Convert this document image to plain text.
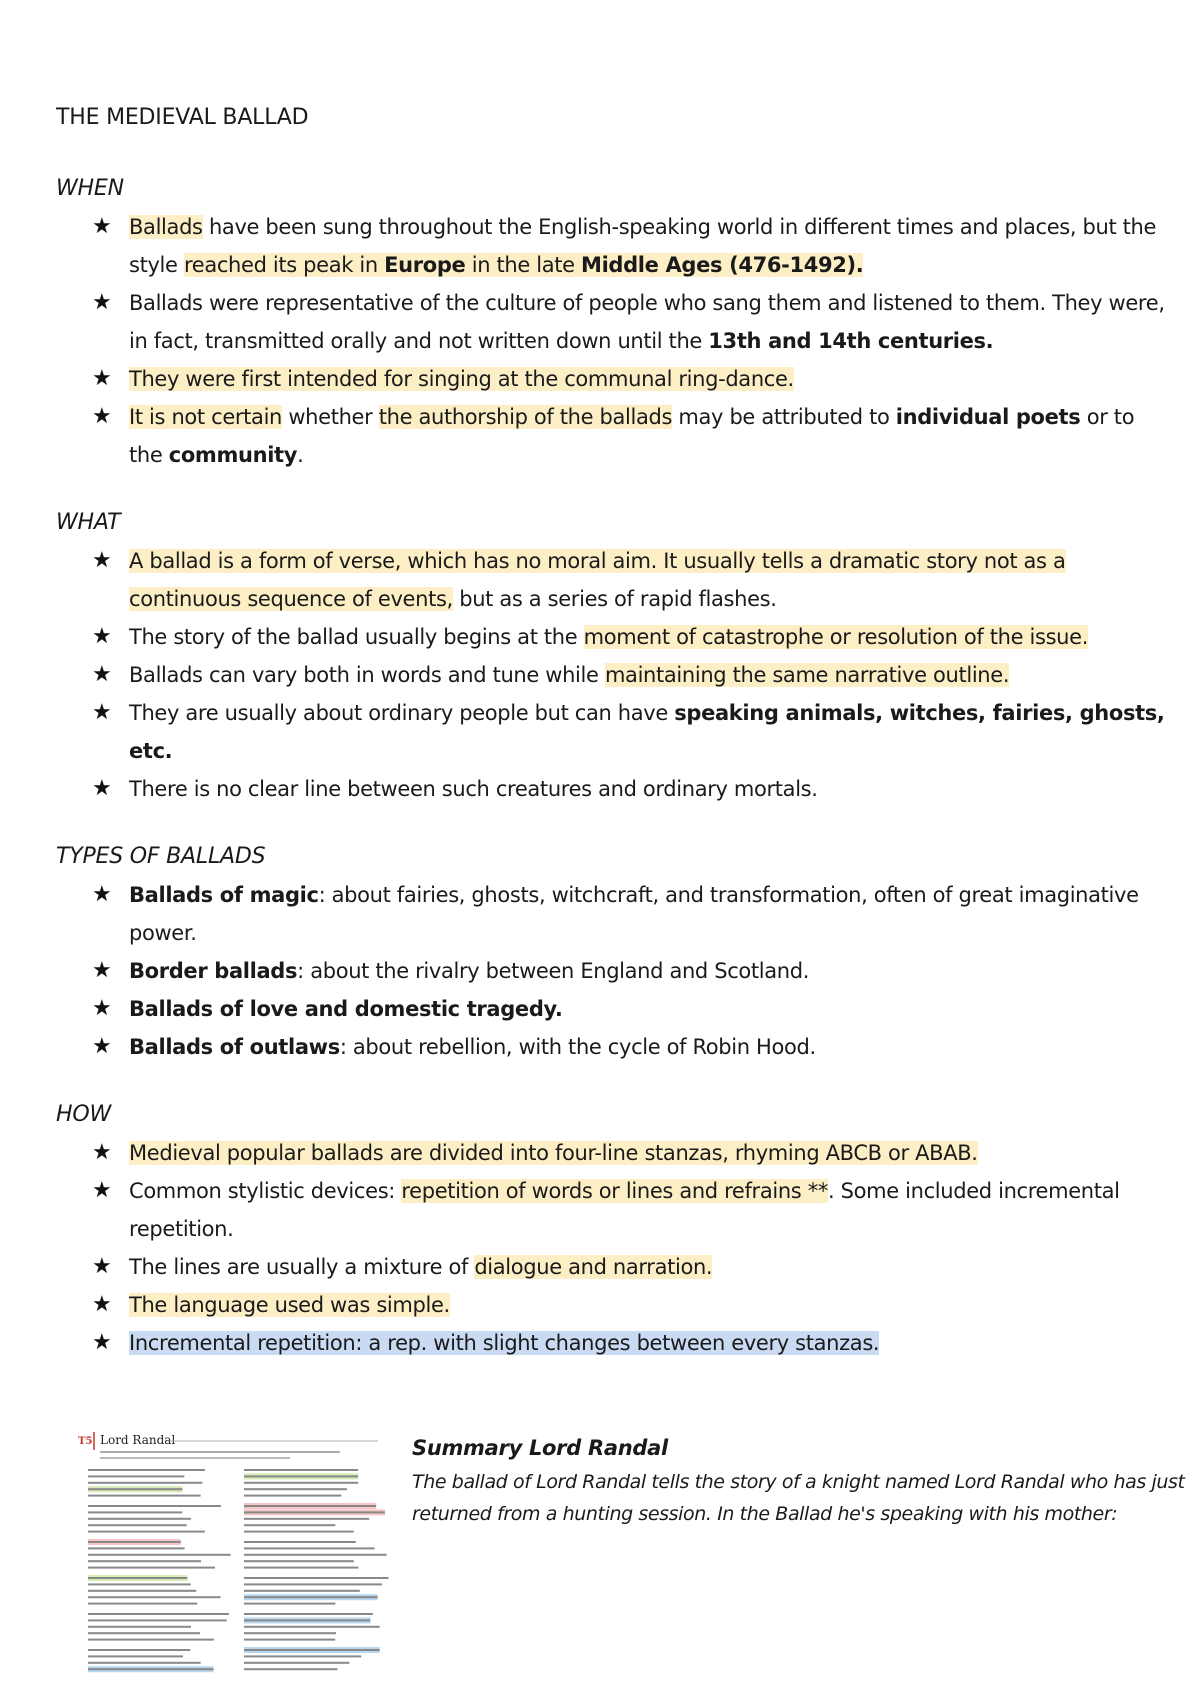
THE MEDIEVAL BALLAD
WHEN
★ Ballads have been sung throughout the English-speaking world in different times and places, but the style reached its peak in Europe in the late Middle Ages (476-1492).
★ Ballads were representative of the culture of people who sang them and listened to them. They were, in fact, transmitted orally and not written down until the 13th and 14th centuries.
★ They were first intended for singing at the communal ring-dance.
★ It is not certain whether the authorship of the ballads may be attributed to individual poets or to the community.
WHAT
★ A ballad is a form of verse, which has no moral aim. It usually tells a dramatic story not as a continuous sequence of events, but as a series of rapid flashes.
★ The story of the ballad usually begins at the moment of catastrophe or resolution of the issue.
★ Ballads can vary both in words and tune while maintaining the same narrative outline.
★ They are usually about ordinary people but can have speaking animals, witches, fairies, ghosts, etc.
★ There is no clear line between such creatures and ordinary mortals.
TYPES OF BALLADS
★ Ballads of magic: about fairies, ghosts, witchcraft, and transformation, often of great imaginative power.
★ Border ballads: about the rivalry between England and Scotland.
★ Ballads of love and domestic tragedy.
★ Ballads of outlaws: about rebellion, with the cycle of Robin Hood.
HOW
★ Medieval popular ballads are divided into four-line stanzas, rhyming ABCB or ABAB.
★ Common stylistic devices: repetition of words or lines and refrains **. Some included incremental repetition.
★ The lines are usually a mixture of dialogue and narration.
★ The language used was simple.
★ Incremental repetition: a rep. with slight changes between every stanzas.
T5 Lord Randal	Summary Lord Randal

The ballad of Lord Randal tells the story of a knight named Lord Randal who has just returned from a hunting session. In the Ballad he's speaking with his mother:
